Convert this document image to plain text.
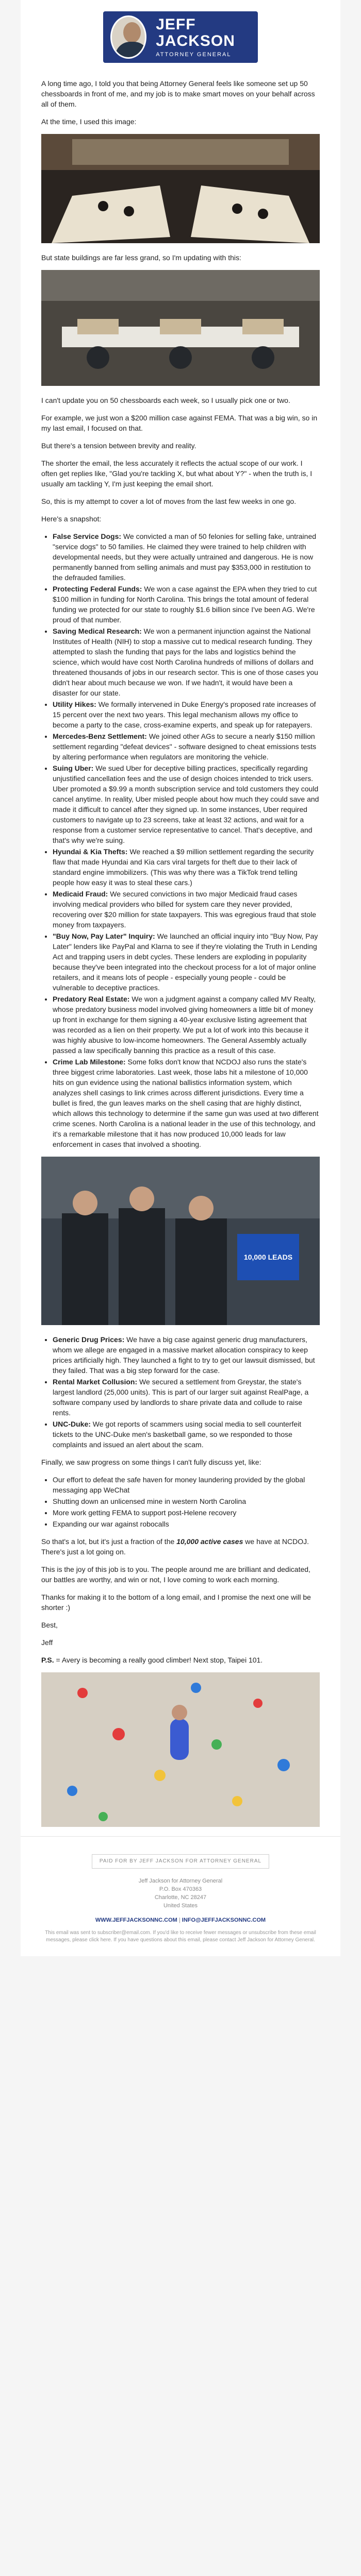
JEFF JACKSON
ATTORNEY GENERAL

A long time ago, I told you that being Attorney General feels like someone set up 50 chessboards in front of me, and my job is to make smart moves on your behalf across all of them.

At the time, I used this image:

But state buildings are far less grand, so I'm updating with this:

I can't update you on 50 chessboards each week, so I usually pick one or two.

For example, we just won a $200 million case against FEMA. That was a big win, so in my last email, I focused on that.

But there's a tension between brevity and reality.

The shorter the email, the less accurately it reflects the actual scope of our work. I often get replies like, "Glad you're tackling X, but what about Y?" - when the truth is, I usually am tackling Y, I'm just keeping the email short.

So, this is my attempt to cover a lot of moves from the last few weeks in one go.

Here's a snapshot:

• False Service Dogs: We convicted a man of 50 felonies for selling fake, untrained "service dogs" to 50 families. He claimed they were trained to help children with developmental needs, but they were actually untrained and dangerous. He is now permanently banned from selling animals and must pay $353,000 in restitution to the defrauded families.
• Protecting Federal Funds: We won a case against the EPA when they tried to cut $100 million in funding for North Carolina. This brings the total amount of federal funding we protected for our state to roughly $1.6 billion since I've been AG. We're proud of that number.
• Saving Medical Research: We won a permanent injunction against the National Institutes of Health (NIH) to stop a massive cut to medical research funding. They attempted to slash the funding that pays for the labs and logistics behind the science, which would have cost North Carolina hundreds of millions of dollars and threatened thousands of jobs in our research sector. This is one of those cases you didn't hear about much because we won. If we hadn't, it would have been a disaster for our state.
• Utility Hikes: We formally intervened in Duke Energy's proposed rate increases of 15 percent over the next two years. This legal mechanism allows my office to become a party to the case, cross-examine experts, and speak up for ratepayers.
• Mercedes-Benz Settlement: We joined other AGs to secure a nearly $150 million settlement regarding "defeat devices" - software designed to cheat emissions tests by altering performance when regulators are monitoring the vehicle.
• Suing Uber: We sued Uber for deceptive billing practices, specifically regarding unjustified cancellation fees and the use of design choices intended to trick users. Uber promoted a $9.99 a month subscription service and told customers they could cancel anytime. In reality, Uber misled people about how much they could save and made it difficult to cancel after they signed up. In some instances, Uber required customers to navigate up to 23 screens, take at least 32 actions, and wait for a response from a customer service representative to cancel. That's deceptive, and that's why we're suing.
• Hyundai & Kia Thefts: We reached a $9 million settlement regarding the security flaw that made Hyundai and Kia cars viral targets for theft due to their lack of standard engine immobilizers. (This was why there was a TikTok trend telling people how easy it was to steal these cars.)
• Medicaid Fraud: We secured convictions in two major Medicaid fraud cases involving medical providers who billed for system care they never provided, recovering over $20 million for state taxpayers. This was egregious fraud that stole money from taxpayers.
• "Buy Now, Pay Later" Inquiry: We launched an official inquiry into "Buy Now, Pay Later" lenders like PayPal and Klarna to see if they're violating the Truth in Lending Act and trapping users in debt cycles. These lenders are exploding in popularity because they've been integrated into the checkout process for a lot of major online retailers, and it means lots of people - especially young people - could be vulnerable to deceptive practices.
• Predatory Real Estate: We won a judgment against a company called MV Realty, whose predatory business model involved giving homeowners a little bit of money up front in exchange for them signing a 40-year exclusive listing agreement that was recorded as a lien on their property. We put a lot of work into this because it was highly abusive to low-income homeowners. The General Assembly actually passed a law specifically banning this practice as a result of this case.
• Crime Lab Milestone: Some folks don't know that NCDOJ also runs the state's three biggest crime laboratories. Last week, those labs hit a milestone of 10,000 hits on gun evidence using the national ballistics information system, which analyzes shell casings to link crimes across different jurisdictions. Every time a bullet is fired, the gun leaves marks on the shell casing that are highly distinct, which allows this technology to determine if the same gun was used at two different crime scenes. North Carolina is a national leader in the use of this technology, and it's a remarkable milestone that it has now produced 10,000 leads for law enforcement in cases that involved a shooting.
10,000 LEADS
• Generic Drug Prices: We have a big case against generic drug manufacturers, whom we allege are engaged in a massive market allocation conspiracy to keep prices artificially high. They launched a fight to try to get our lawsuit dismissed, but they failed. That was a big step forward for the case.
• Rental Market Collusion: We secured a settlement from Greystar, the state's largest landlord (25,000 units). This is part of our larger suit against RealPage, a software company used by landlords to share private data and collude to raise rents.
• UNC-Duke: We got reports of scammers using social media to sell counterfeit tickets to the UNC-Duke men's basketball game, so we responded to those complaints and issued an alert about the scam.

Finally, we saw progress on some things I can't fully discuss yet, like:

• Our effort to defeat the safe haven for money laundering provided by the global messaging app WeChat
• Shutting down an unlicensed mine in western North Carolina
• More work getting FEMA to support post-Helene recovery
• Expanding our war against robocalls

So that's a lot, but it's just a fraction of the 10,000 active cases we have at NCDOJ. There's just a lot going on.

This is the joy of this job is to you. The people around me are brilliant and dedicated, our battles are worthy, and win or not, I love coming to work each morning.

Thanks for making it to the bottom of a long email, and I promise the next one will be shorter :)

Best,

Jeff

P.S. = Avery is becoming a really good climber! Next stop, Taipei 101.

PAID FOR BY JEFF JACKSON FOR ATTORNEY GENERAL
Jeff Jackson for Attorney General
P.O. Box 470363
Charlotte, NC 28247
United States
WWW.JEFFJACKSONNC.COM | INFO@JEFFJACKSONNC.COM
This email was sent to subscriber@email.com. If you'd like to receive fewer messages or unsubscribe from these email messages, please click here. If you have questions about this email, please contact Jeff Jackson for Attorney General.
